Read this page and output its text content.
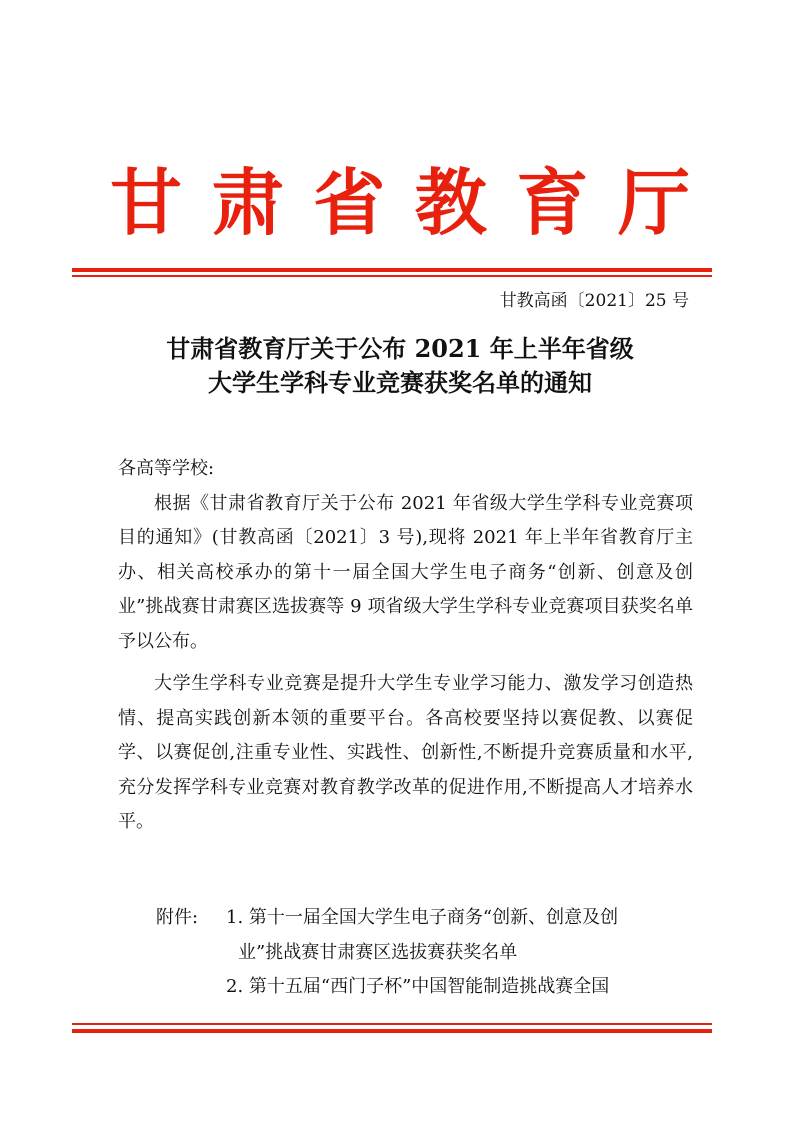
甘 肃 省 教 育 厅
甘教高函〔2021〕25 号
甘肃省教育厅关于公布 2021 年上半年省级
大学生学科专业竞赛获奖名单的通知

各高等学校:

根据《甘肃省教育厅关于公布 2021 年省级大学生学科专业竞赛项目的通知》(甘教高函〔2021〕3 号),现将 2021 年上半年省教育厅主办、相关高校承办的第十一届全国大学生电子商务“创新、创意及创业”挑战赛甘肃赛区选拔赛等 9 项省级大学生学科专业竞赛项目获奖名单予以公布。

大学生学科专业竞赛是提升大学生专业学习能力、激发学习创造热情、提高实践创新本领的重要平台。各高校要坚持以赛促教、以赛促学、以赛促创,注重专业性、实践性、创新性,不断提升竞赛质量和水平,充分发挥学科专业竞赛对教育教学改革的促进作用,不断提高人才培养水平。

附件: 1. 第十一届全国大学生电子商务“创新、创意及创
业”挑战赛甘肃赛区选拔赛获奖名单
2. 第十五届“西门子杯”中国智能制造挑战赛全国
